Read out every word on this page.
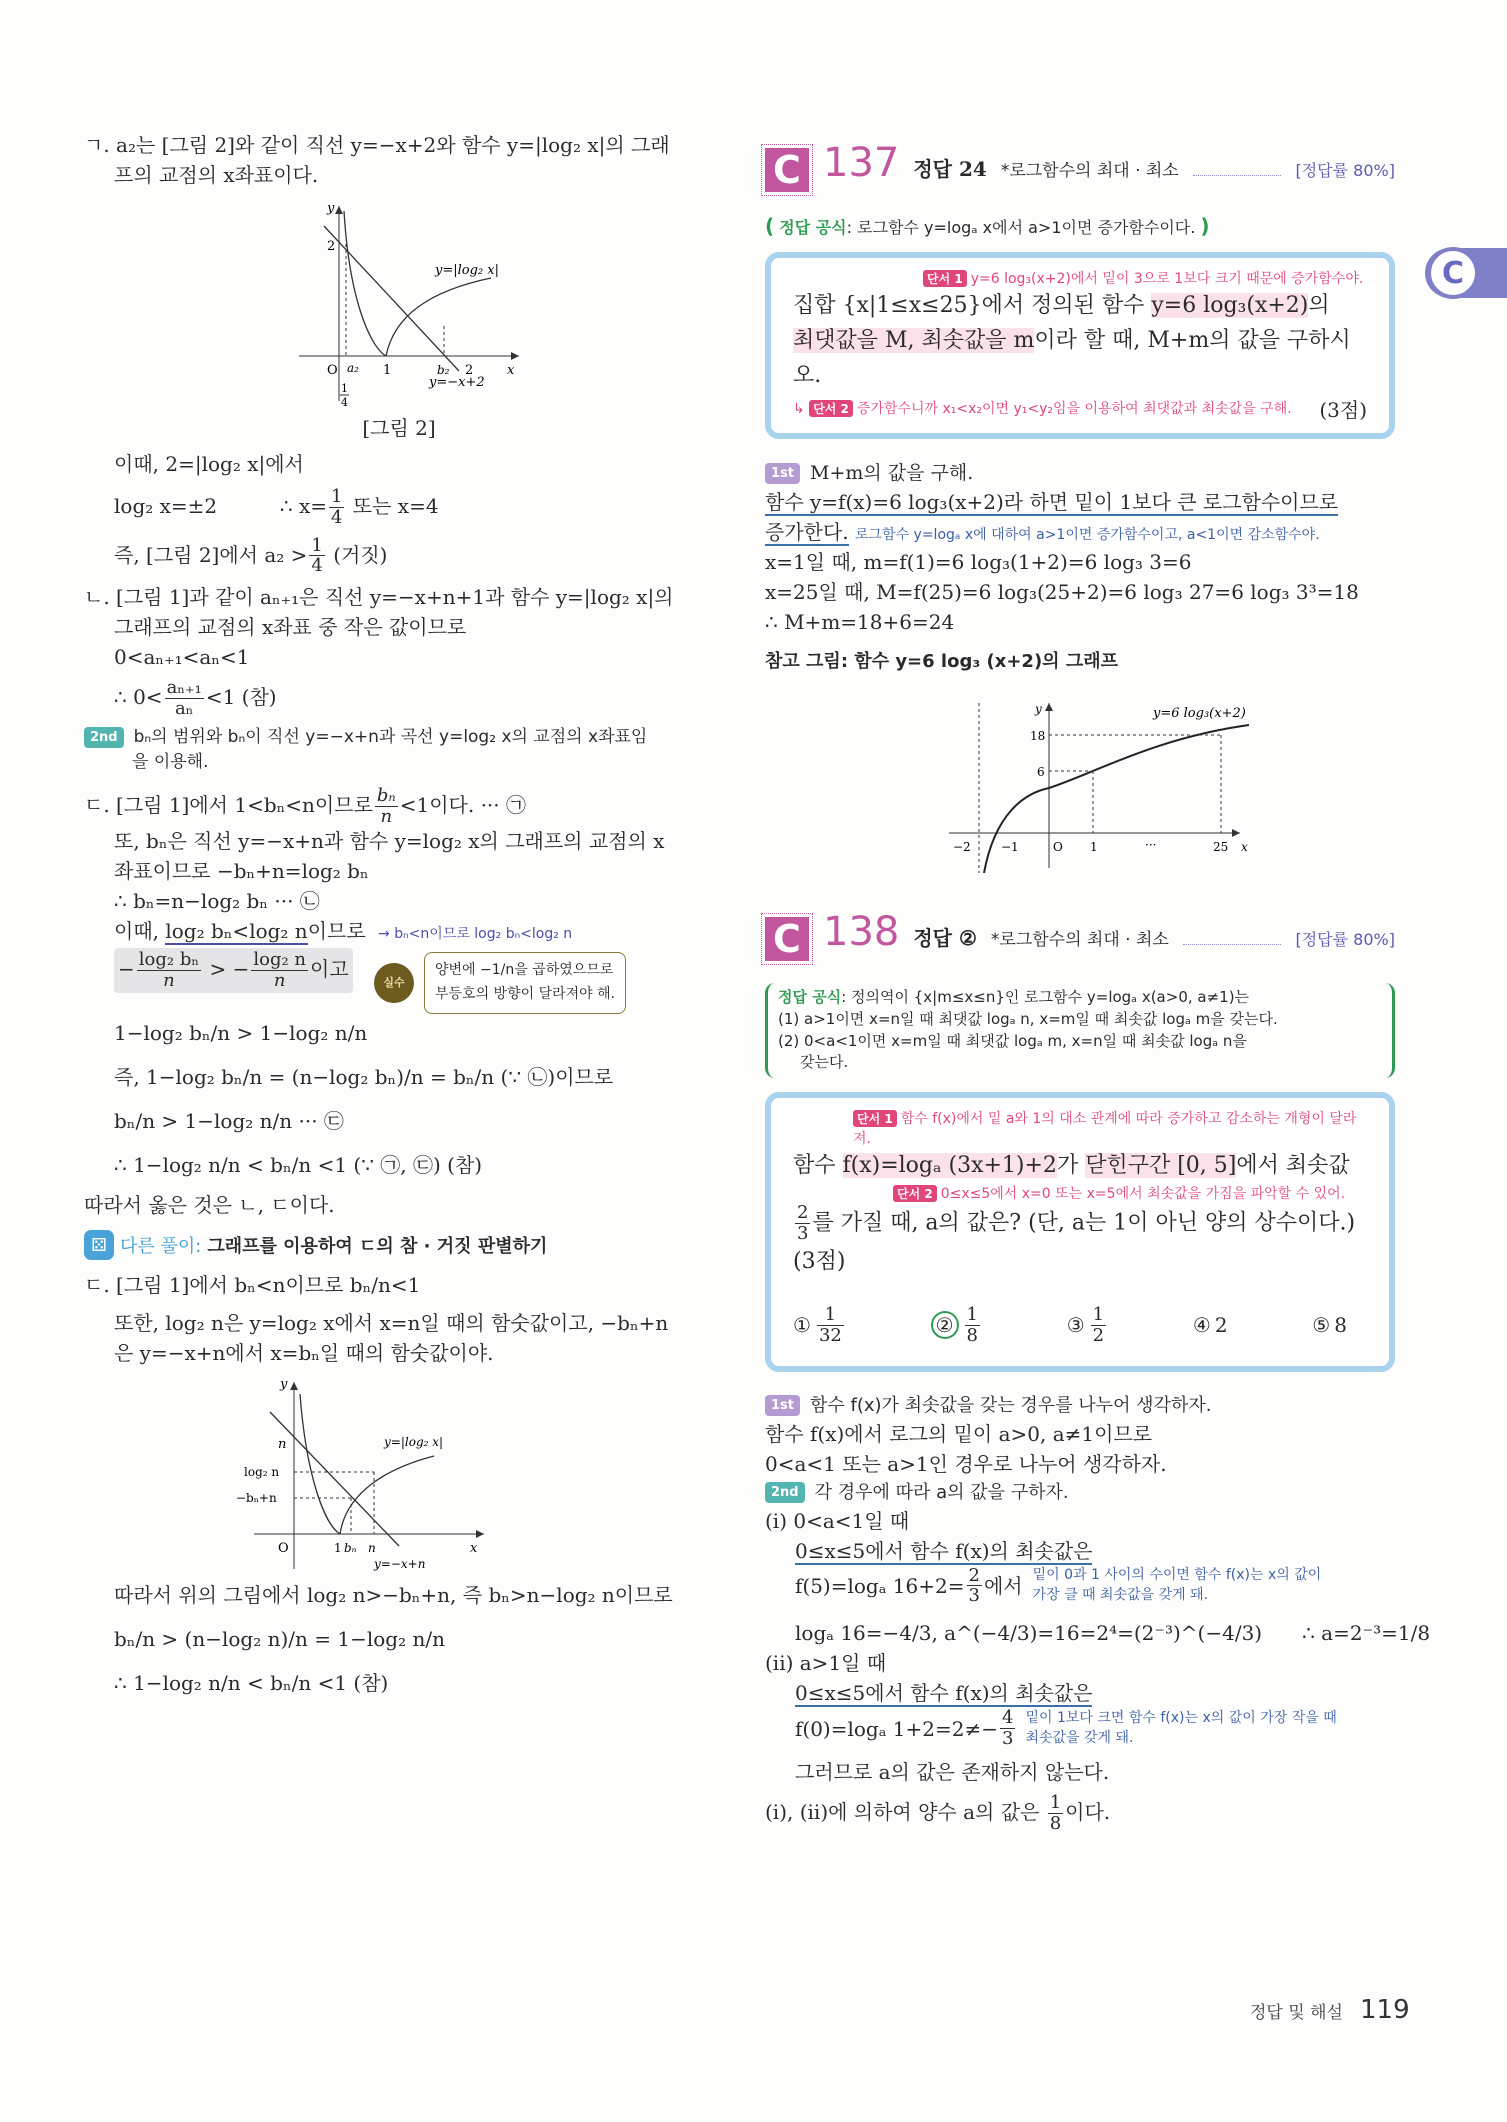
C

ㄱ. a₂는 [그림 2]와 같이 직선 y=−x+2와 함수 y=|log₂ x|의 그래

프의 교점의 x좌표이다.

y
2
O a₂ 1	b₂ 2	x
1
4
y=|log₂ x|
y=−x+2

[그림 2]

이때, 2=|log₂ x|에서

log₂ x=±2	∴ $x= \frac{1}{4}$ 또는 x=4

즉, [그림 2]에서 $a_2 > \frac{1}{4}$ (거짓)

ㄴ. [그림 1]과 같이 aₙ₊₁은 직선 y=−x+n+1과 함수 y=|log₂ x|의

그래프의 교점의 x좌표 중 작은 값이므로

0<aₙ₊₁<aₙ<1

∴ $0< \frac{\text{aₙ₊₁}}{\text{aₙ}} <1$ (참)

2nd bₙ의 범위와 bₙ이 직선 y=−x+n과 곡선 y=log₂ x의 교점의 x좌표임

을 이용해.

ㄷ. [그림 1]에서 1<bₙ<n이므로 $\frac{\text{bₙ}}{n} <1$이다. ··· ㉠

또, bₙ은 직선 y=−x+n과 함수 y=log₂ x의 그래프의 교점의 x

좌표이므로 −bₙ+n=log₂ bₙ

∴ bₙ=n−log₂ bₙ ··· ㉡

이때, log₂ bₙ<log₂ n이므로 → bₙ<n이므로 log₂ bₙ<log₂ n

− $\frac{\text{log₂ bₙ}}{n}$ > − $\frac{\text{log₂ n}}{n}$ 이고
실수
양변에 −1/n을 곱하였으므로
부등호의 방향이 달라져야 해.

1−log₂ bₙ/n > 1−log₂ n/n

즉, 1−log₂ bₙ/n = (n−log₂ bₙ)/n = bₙ/n (∵ ㉡)이므로

bₙ/n > 1−log₂ n/n ··· ㉢

∴ 1−log₂ n/n < bₙ/n <1 (∵ ㉠, ㉢) (참)

따라서 옳은 것은 ㄴ, ㄷ이다.

⚄ 다른 풀이: 그래프를 이용하여 ㄷ의 참 · 거짓 판별하기

ㄷ. [그림 1]에서 bₙ<n이므로 bₙ/n<1

또한, log₂ n은 y=log₂ x에서 x=n일 때의 함숫값이고, −bₙ+n

은 y=−x+n에서 x=bₙ일 때의 함숫값이야.

y
n
log₂ n
−bₙ+n
O	1 bₙ n	x
y=|log₂ x|
y=−x+n

따라서 위의 그림에서 log₂ n>−bₙ+n, 즉 bₙ>n−log₂ n이므로

bₙ/n > (n−log₂ n)/n = 1−log₂ n/n

∴ 1−log₂ n/n < bₙ/n <1 (참)

C 137 정답 24 *로그함수의 최대 · 최소	[정답률 80%]
( 정답 공식: 로그함수 y=logₐ x에서 a>1이면 증가함수이다. )
단서 1 y=6 log₃(x+2)에서 밑이 3으로 1보다 크기 때문에 증가함수야.
집합 {x|1≤x≤25}에서 정의된 함수 y=6 log₃(x+2)의
최댓값을 M, 최솟값을 m이라 할 때, M+m의 값을 구하시오.
↳ 단서 2 증가함수니까 x₁<x₂이면 y₁<y₂임을 이용하여 최댓값과 최솟값을 구해. (3점)

1st M+m의 값을 구해.

함수 y=f(x)=6 log₃(x+2)라 하면 밑이 1보다 큰 로그함수이므로

증가한다. 로그함수 y=logₐ x에 대하여 a>1이면 증가함수이고, a<1이면 감소함수야.

x=1일 때, m=f(1)=6 log₃(1+2)=6 log₃ 3=6

x=25일 때, M=f(25)=6 log₃(25+2)=6 log₃ 27=6 log₃ 3³=18

∴ M+m=18+6=24

참고 그림: 함수 y=6 log₃ (x+2)의 그래프

y
18
6
−2	−1	O 1	···	25 x
y=6 log₃(x+2)
C 138 정답 ② *로그함수의 최대 · 최소	[정답률 80%]
정답 공식: 정의역이 {x|m≤x≤n}인 로그함수 y=logₐ x(a>0, a≠1)는
(1) a>1이면 x=n일 때 최댓값 logₐ n, x=m일 때 최솟값 logₐ m을 갖는다.
(2) 0<a<1이면 x=m일 때 최댓값 logₐ m, x=n일 때 최솟값 logₐ n을
갖는다.
단서 1 함수 f(x)에서 밑 a와 1의 대소 관계에 따라 증가하고 감소하는 개형이 달라져.
함수 f(x)=logₐ (3x+1)+2가 닫힌구간 [0, 5]에서 최솟값
단서 2 0≤x≤5에서 x=0 또는 x=5에서 최솟값을 가짐을 파악할 수 있어.
$\frac{2}{3}$ 를 가질 때, a의 값은? (단, a는 1이 아닌 양의 상수이다.) (3점)
① $\frac{1}{32}$	② $\frac{1}{8}$	③ $\frac{1}{2}$	④ 2	⑤ 8

1st 함수 f(x)가 최솟값을 갖는 경우를 나누어 생각하자.

함수 f(x)에서 로그의 밑이 a>0, a≠1이므로

0<a<1 또는 a>1인 경우로 나누어 생각하자.

2nd 각 경우에 따라 a의 값을 구하자.

(i) 0<a<1일 때

0≤x≤5에서 함수 f(x)의 최솟값은

f(5)=logₐ $16+2= \frac{2}{3}$ 에서 밑이 0과 1 사이의 수이면 함수 f(x)는 x의 값이
가장 클 때 최솟값을 갖게 돼.

logₐ 16=−4/3, a^(−4/3)=16=2⁴=(2⁻³)^(−4/3) ∴ a=2⁻³=1/8

(ii) a>1일 때

0≤x≤5에서 함수 f(x)의 최솟값은

f(0)=logₐ $1+2=2\ne- \frac{4}{3}$ 밑이 1보다 크면 함수 f(x)는 x의 값이 가장 작을 때
최솟값을 갖게 돼.

그러므로 a의 값은 존재하지 않는다.

(i), (ii)에 의하여 양수 a의 값은 $\frac{1}{8}$ 이다.

정답 및 해설 119
